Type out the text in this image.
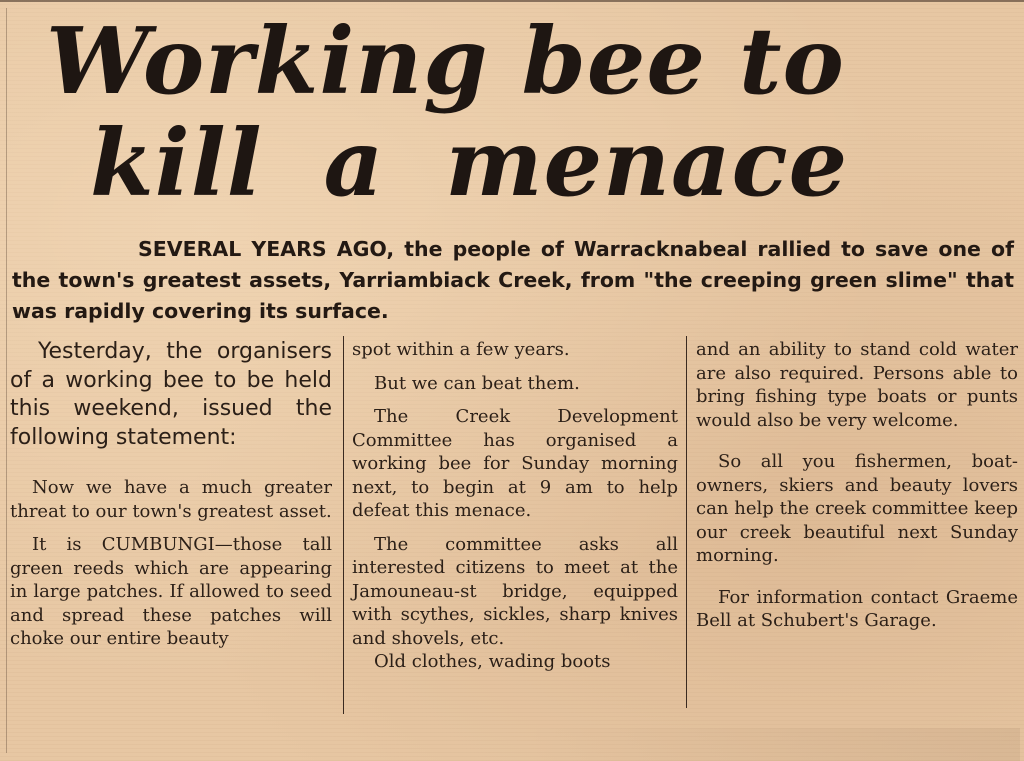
Working bee to
kill a menace

SEVERAL YEARS AGO, the people of Warracknabeal rallied to save one of the town's greatest assets, Yarriambiack Creek, from "the creeping green slime" that was rapidly covering its surface.

Yesterday, the organisers of a working bee to be held this weekend, issued the following statement:

Now we have a much greater threat to our town's greatest asset.

It is CUMBUNGI—those tall green reeds which are appearing in large patches. If allowed to seed and spread these patches will choke our entire beauty

spot within a few years.

But we can beat them.

The Creek Development Committee has organised a working bee for Sunday morning next, to begin at 9 am to help defeat this menace.

The committee asks all interested citizens to meet at the Jamouneau-st bridge, equipped with scythes, sickles, sharp knives and shovels, etc.

Old clothes, wading boots

and an ability to stand cold water are also required. Persons able to bring fishing type boats or punts would also be very welcome.

So all you fishermen, boat-owners, skiers and beauty lovers can help the creek committee keep our creek beautiful next Sunday morning.

For information contact Graeme Bell at Schubert's Garage.
